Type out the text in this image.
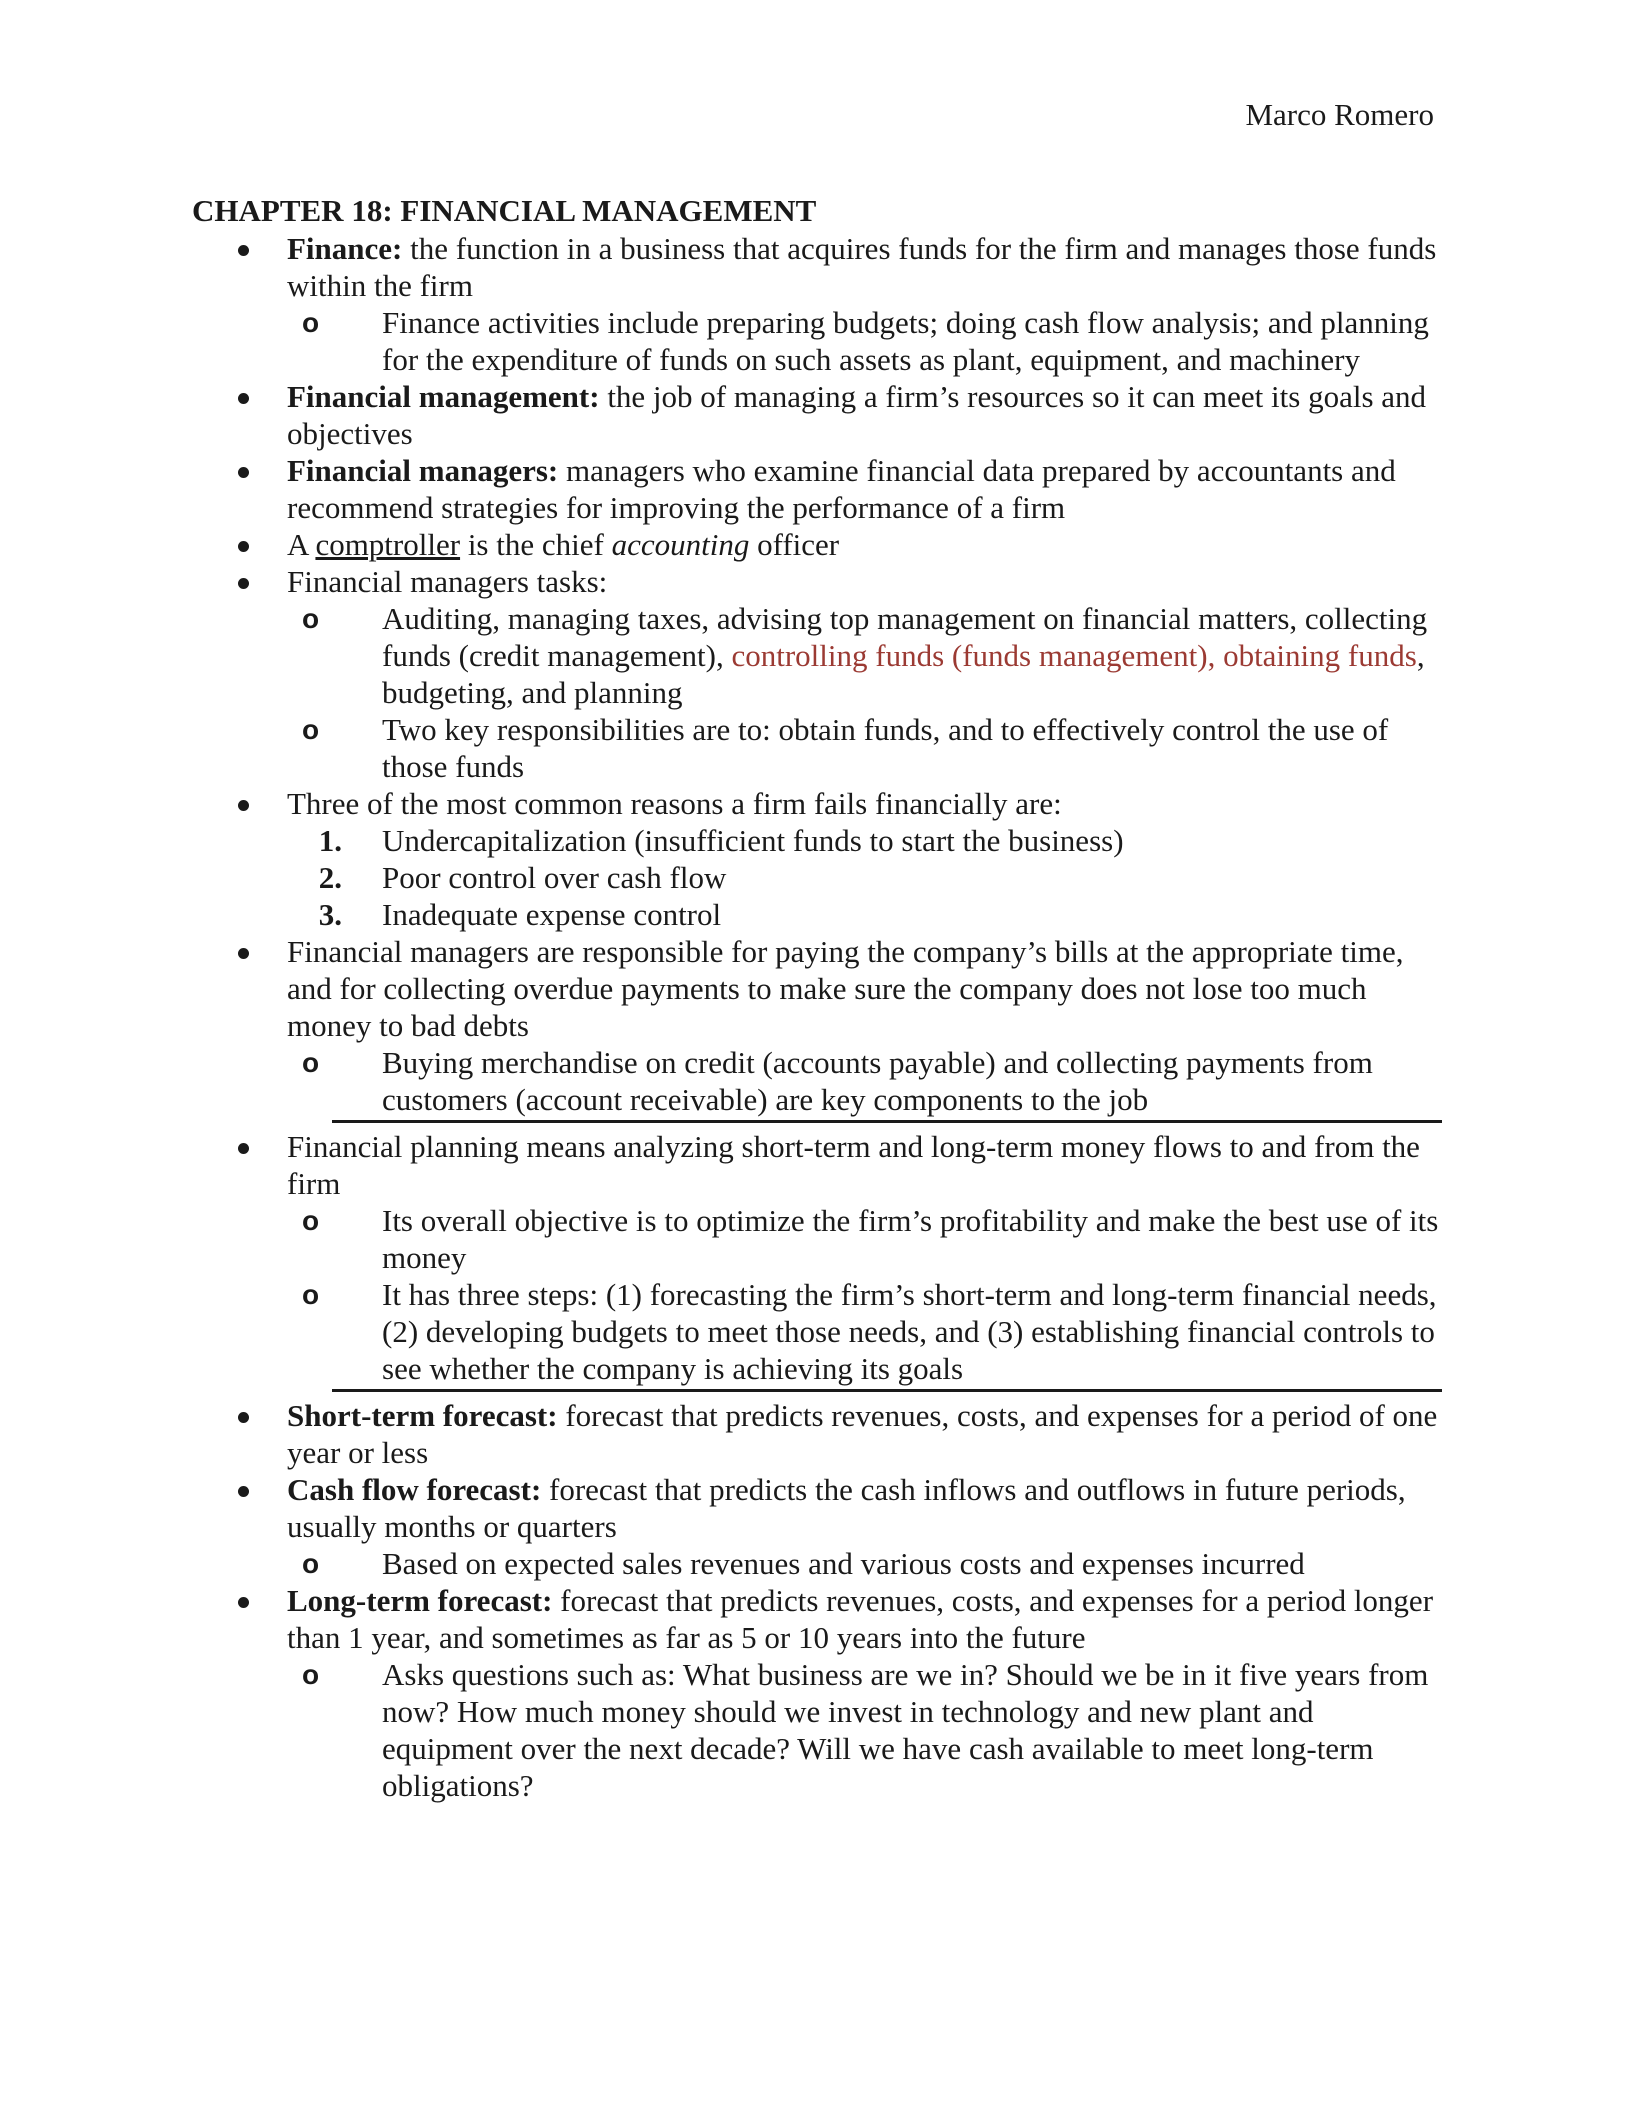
Marco Romero
CHAPTER 18: FINANCIAL MANAGEMENT
Finance: the function in a business that acquires funds for the firm and manages those funds within the firm
o Finance activities include preparing budgets; doing cash flow analysis; and planning for the expenditure of funds on such assets as plant, equipment, and machinery
Financial management: the job of managing a firm’s resources so it can meet its goals and objectives
Financial managers: managers who examine financial data prepared by accountants and recommend strategies for improving the performance of a firm
A comptroller is the chief accounting officer
Financial managers tasks:
o Auditing, managing taxes, advising top management on financial matters, collecting funds (credit management), controlling funds (funds management), obtaining funds, budgeting, and planning
o Two key responsibilities are to: obtain funds, and to effectively control the use of those funds
Three of the most common reasons a firm fails financially are:
1. Undercapitalization (insufficient funds to start the business)
2. Poor control over cash flow
3. Inadequate expense control
Financial managers are responsible for paying the company’s bills at the appropriate time, and for collecting overdue payments to make sure the company does not lose too much money to bad debts
o Buying merchandise on credit (accounts payable) and collecting payments from customers (account receivable) are key components to the job
Financial planning means analyzing short-term and long-term money flows to and from the firm
o Its overall objective is to optimize the firm’s profitability and make the best use of its money
o It has three steps: (1) forecasting the firm’s short-term and long-term financial needs, (2) developing budgets to meet those needs, and (3) establishing financial controls to see whether the company is achieving its goals
Short-term forecast: forecast that predicts revenues, costs, and expenses for a period of one year or less
Cash flow forecast: forecast that predicts the cash inflows and outflows in future periods, usually months or quarters
o Based on expected sales revenues and various costs and expenses incurred
Long-term forecast: forecast that predicts revenues, costs, and expenses for a period longer than 1 year, and sometimes as far as 5 or 10 years into the future
o Asks questions such as: What business are we in? Should we be in it five years from now? How much money should we invest in technology and new plant and equipment over the next decade? Will we have cash available to meet long-term obligations?
